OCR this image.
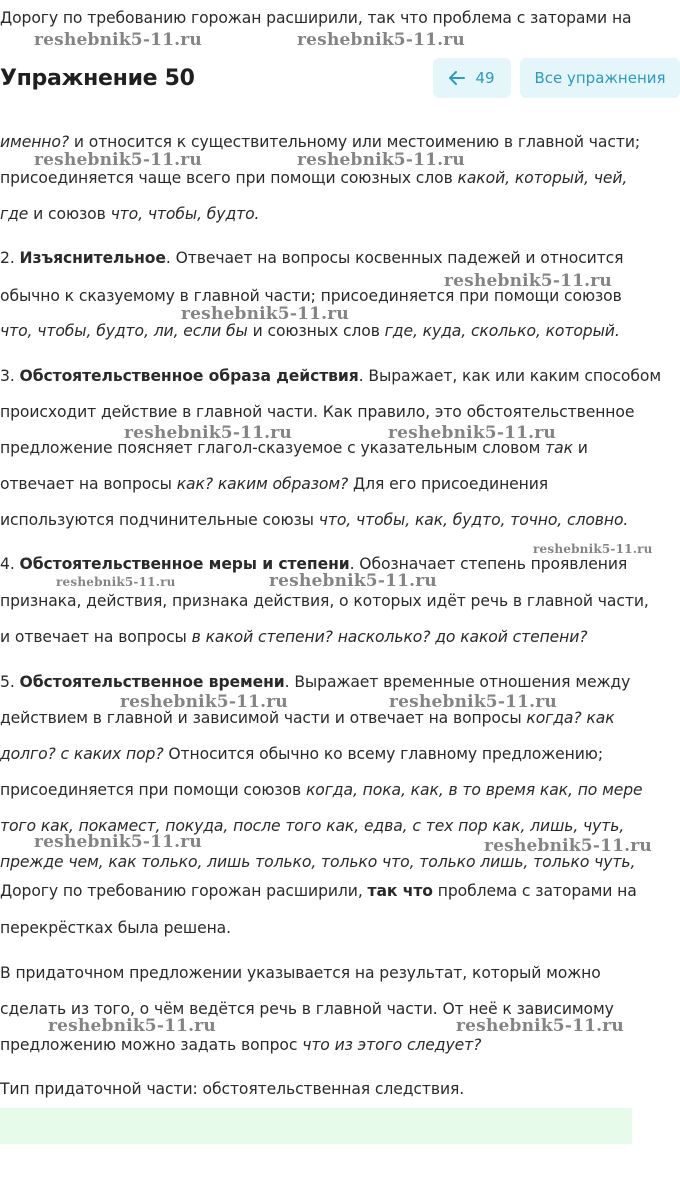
Дорогу по требованию горожан расширили, так что проблема с заторами на
именно? и относится к существительному или местоимению в главной части;
присоединяется чаще всего при помощи союзных слов какой, который, чей,
где и союзов что, чтобы, будто.
2. Изъяснительное. Отвечает на вопросы косвенных падежей и относится
обычно к сказуемому в главной части; присоединяется при помощи союзов
что, чтобы, будто, ли, если бы и союзных слов где, куда, сколько, который.
3. Обстоятельственное образа действия. Выражает, как или каким способом
происходит действие в главной части. Как правило, это обстоятельственное
предложение поясняет глагол-сказуемое с указательным словом так и
отвечает на вопросы как? каким образом? Для его присоединения
используются подчинительные союзы что, чтобы, как, будто, точно, словно.
4. Обстоятельственное меры и степени. Обозначает степень проявления
признака, действия, признака действия, о которых идёт речь в главной части,
и отвечает на вопросы в какой степени? насколько? до какой степени?
5. Обстоятельственное времени. Выражает временные отношения между
действием в главной и зависимой части и отвечает на вопросы когда? как
долго? с каких пор? Относится обычно ко всему главному предложению;
присоединяется при помощи союзов когда, пока, как, в то время как, по мере
того как, покамест, покуда, после того как, едва, с тех пор как, лишь, чуть,
прежде чем, как только, лишь только, только что, только лишь, только чуть,
Дорогу по требованию горожан расширили, так что проблема с заторами на
перекрёстках была решена.
В придаточном предложении указывается на результат, который можно
сделать из того, о чём ведётся речь в главной части. От неё к зависимому
предложению можно задать вопрос что из этого следует?
Тип придаточной части: обстоятельственная следствия.
Упражнение 50	49	Все упражнения
reshebnik5-11.ru	reshebnik5-11.ru
reshebnik5-11.ru	reshebnik5-11.ru
reshebnik5-11.ru
reshebnik5-11.ru
reshebnik5-11.ru	reshebnik5-11.ru
reshebnik5-11.ru
reshebnik5-11.ru	reshebnik5-11.ru
reshebnik5-11.ru	reshebnik5-11.ru
reshebnik5-11.ru	reshebnik5-11.ru
reshebnik5-11.ru	reshebnik5-11.ru
